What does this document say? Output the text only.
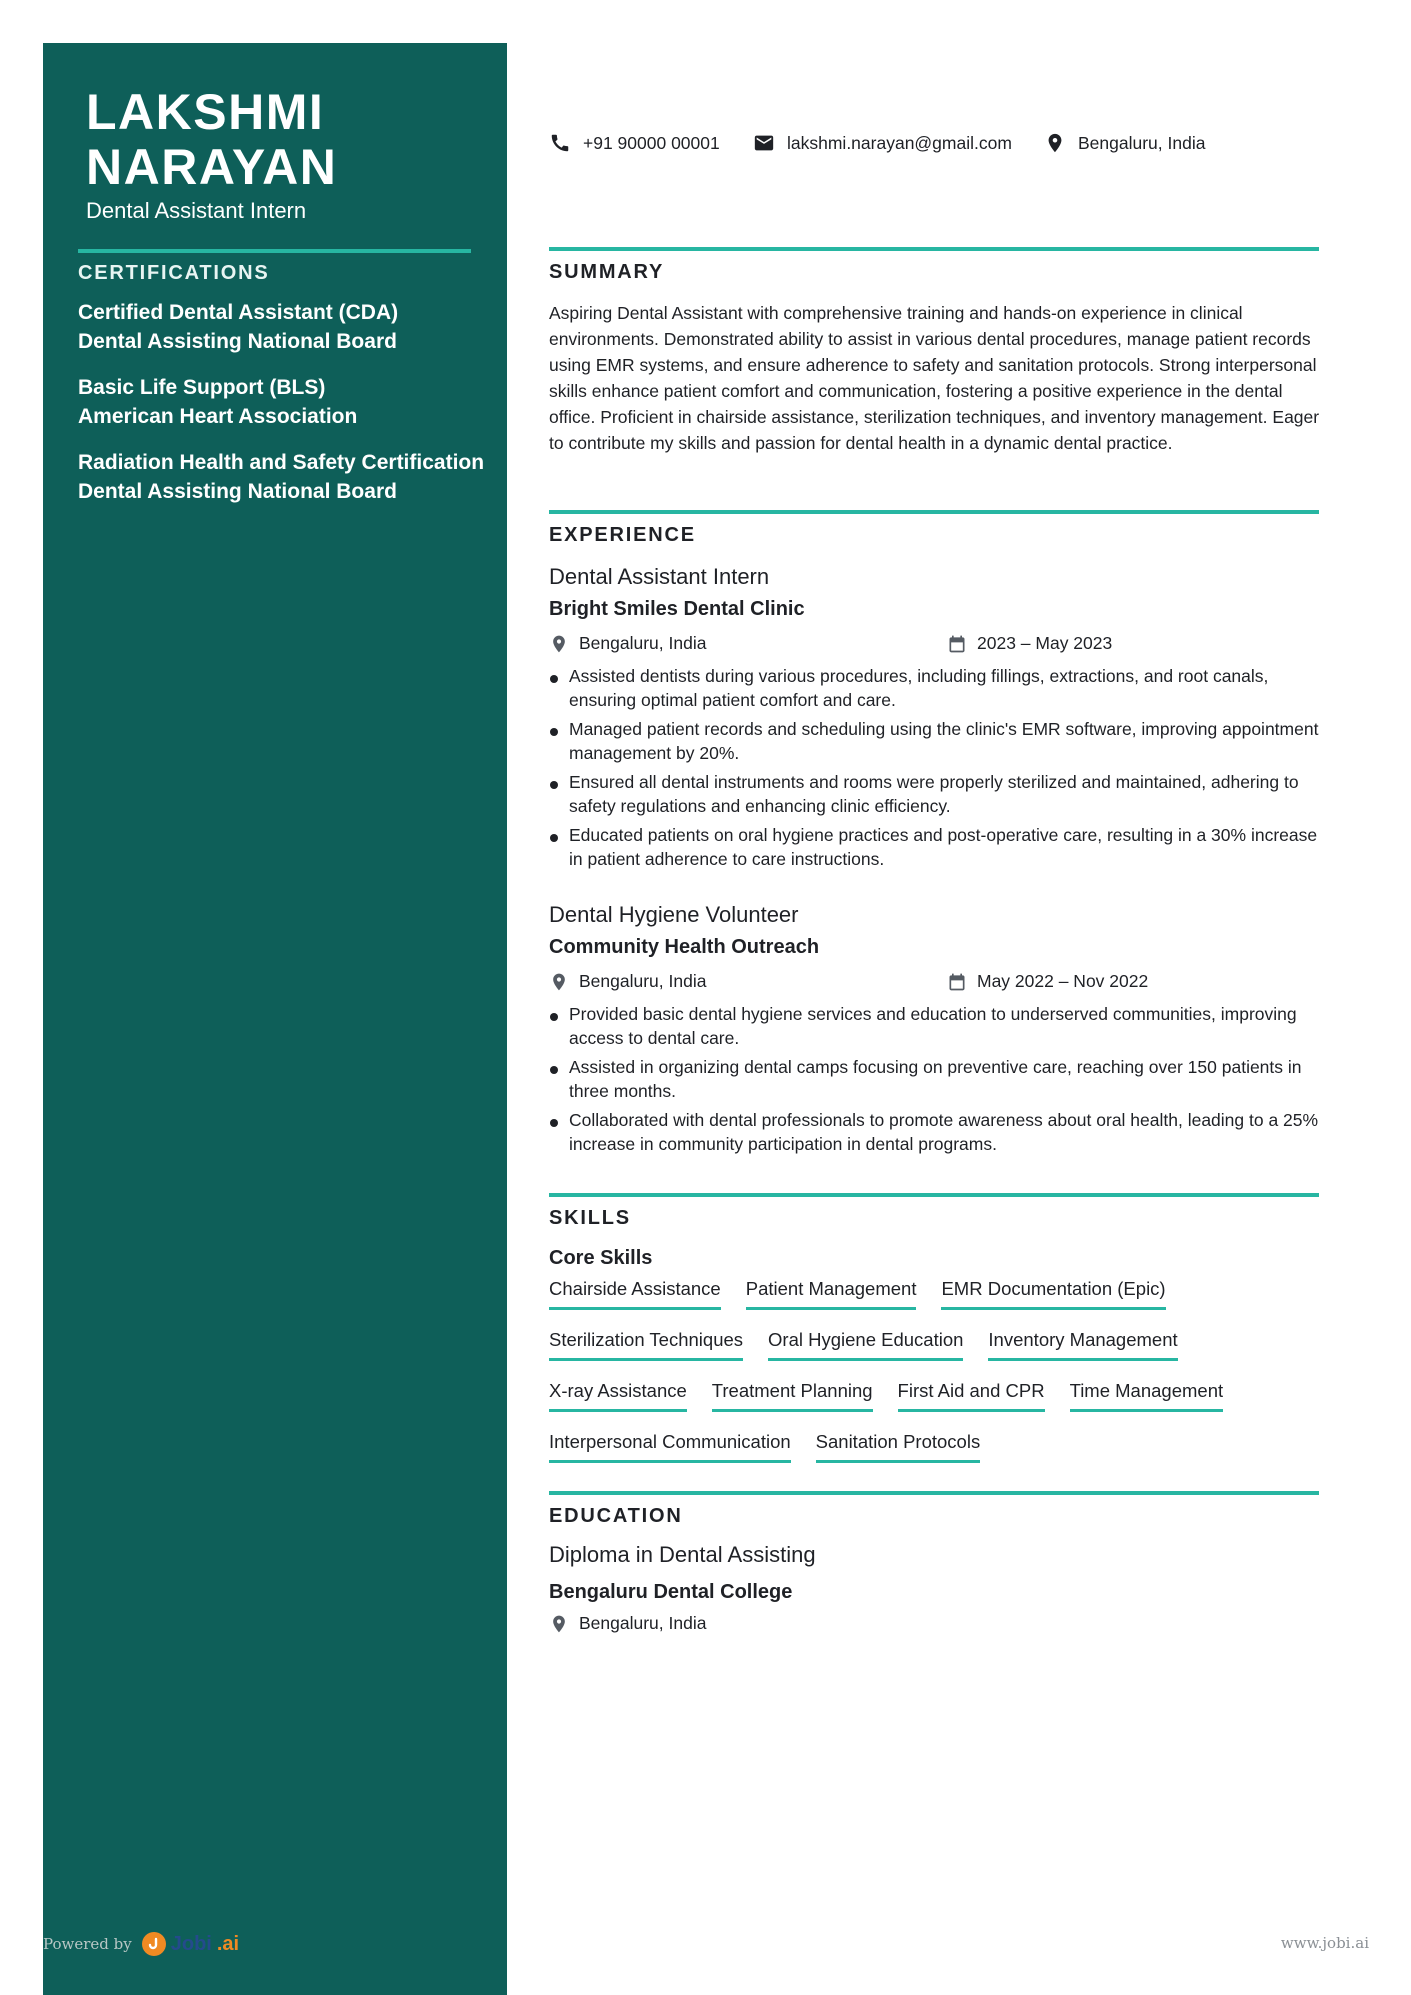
LAKSHMI
NARAYAN
Dental Assistant Intern
CERTIFICATIONS
Certified Dental Assistant (CDA)
Dental Assisting National Board
Basic Life Support (BLS)
American Heart Association
Radiation Health and Safety Certification
Dental Assisting National Board
+91 90000 00001	lakshmi.narayan@gmail.com	Bengaluru, India
SUMMARY
Aspiring Dental Assistant with comprehensive training and hands-on experience in clinical environments. Demonstrated ability to assist in various dental procedures, manage patient records using EMR systems, and ensure adherence to safety and sanitation protocols. Strong interpersonal skills enhance patient comfort and communication, fostering a positive experience in the dental office. Proficient in chairside assistance, sterilization techniques, and inventory management. Eager to contribute my skills and passion for dental health in a dynamic dental practice.
EXPERIENCE
Dental Assistant Intern
Bright Smiles Dental Clinic
Bengaluru, India	2023 – May 2023
Assisted dentists during various procedures, including fillings, extractions, and root canals, ensuring optimal patient comfort and care.
Managed patient records and scheduling using the clinic's EMR software, improving appointment management by 20%.
Ensured all dental instruments and rooms were properly sterilized and maintained, adhering to safety regulations and enhancing clinic efficiency.
Educated patients on oral hygiene practices and post-operative care, resulting in a 30% increase in patient adherence to care instructions.
Dental Hygiene Volunteer
Community Health Outreach
Bengaluru, India	May 2022 – Nov 2022
Provided basic dental hygiene services and education to underserved communities, improving access to dental care.
Assisted in organizing dental camps focusing on preventive care, reaching over 150 patients in three months.
Collaborated with dental professionals to promote awareness about oral health, leading to a 25% increase in community participation in dental programs.
SKILLS
Core Skills
Chairside Assistance Patient Management EMR Documentation (Epic)
Sterilization Techniques Oral Hygiene Education Inventory Management
X-ray Assistance Treatment Planning First Aid and CPR Time Management
Interpersonal Communication Sanitation Protocols
EDUCATION
Diploma in Dental Assisting
Bengaluru Dental College
Bengaluru, India
Powered by Jobi .ai	www.jobi.ai
